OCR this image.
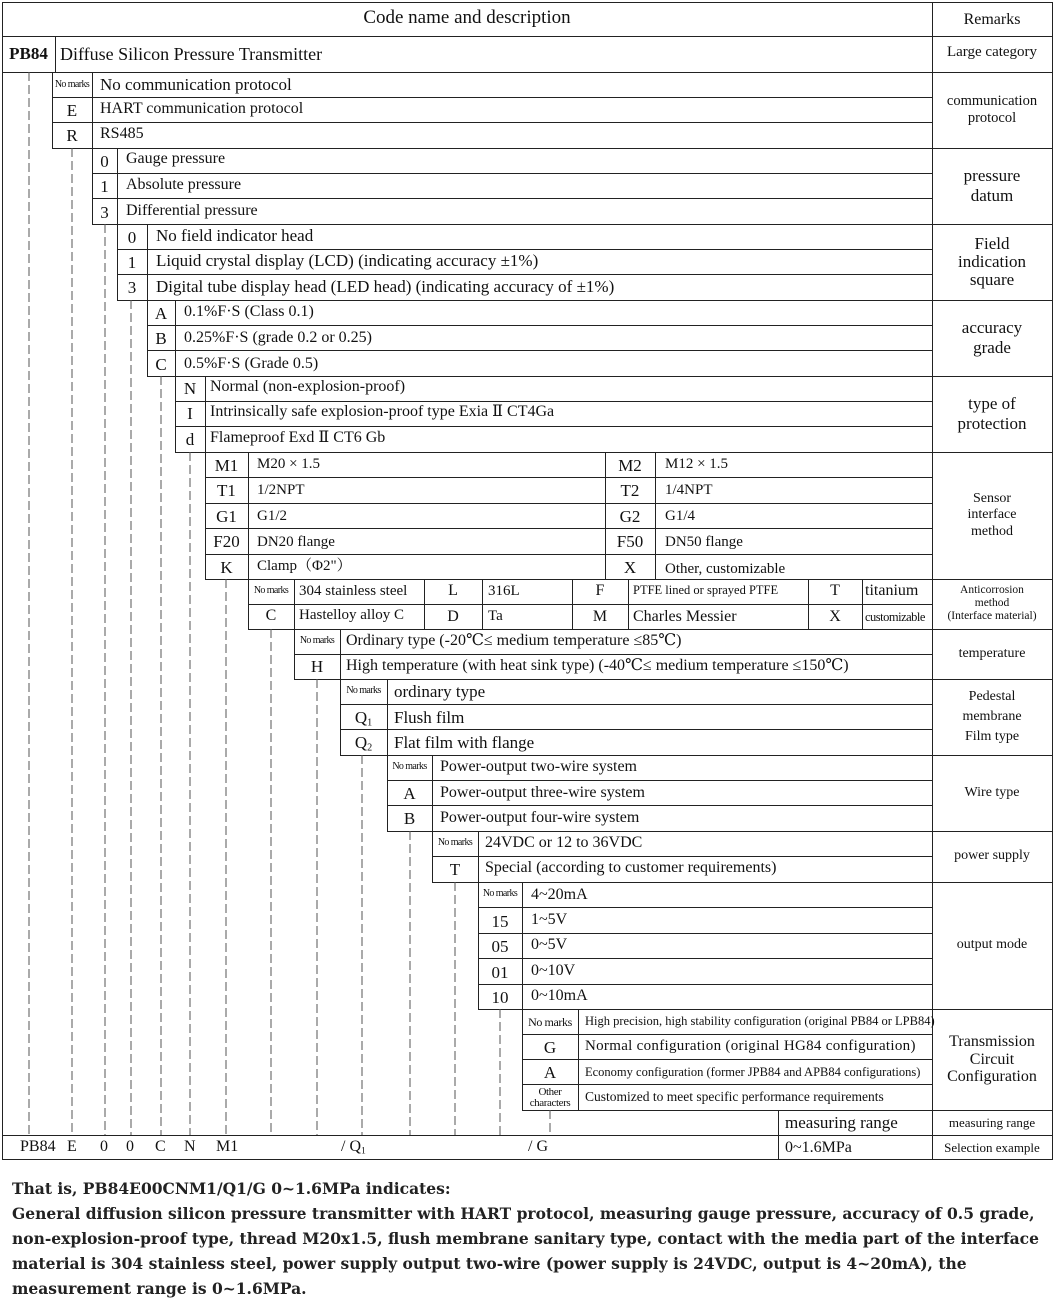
Code name and description	Remarks
PB84 Diffuse Silicon Pressure Transmitter	Large category
No marks No communication protocol
E	HART communication protocol
R	RS485
communication protocol
0	Gauge pressure
1	Absolute pressure
3	Differential pressure
pressure datum
0	No field indicator head
1	Liquid crystal display (LCD) (indicating accuracy ±1%)
3	Digital tube display head (LED head) (indicating accuracy of ±1%)
Field indication square
A	0.1%F·S (Class 0.1)
B	0.25%F·S (grade 0.2 or 0.25)
C	0.5%F·S (Grade 0.5)
accuracy grade
N Normal (non-explosion-proof)
I	Intrinsically safe explosion-proof type Exia Ⅱ CT4Ga
d Flameproof Exd Ⅱ CT6 Gb
type of protection
M1	M20 × 1.5	M2	M12 × 1.5
T1	1/2NPT	T2	1/4NPT
G1	G1/2	G2	G1/4
F20	DN20 flange	F50	DN50 flange
K	Clamp（Φ2"）	X	Other, customizable
Sensor interface method
No marks 304 stainless steel	L	316L	F	PTFE lined or sprayed PTFE	T	titanium
C	Hastelloy alloy C	D	Ta	M	Charles Messier	X	customizable
Anticorrosion
method
(Interface material)
No marks Ordinary type (-20℃≤ medium temperature ≤85℃)
H	High temperature (with heat sink type) (-40℃≤ medium temperature ≤150℃)
temperature
No marks ordinary type
$Q_1$	Flush film
$Q_2$	Flat film with flange
Pedestal membrane Film type
No marks Power-output two-wire system
A	Power-output three-wire system
B	Power-output four-wire system
Wire type
No marks 24VDC or 12 to 36VDC
T	Special (according to customer requirements)
power supply
No marks 4~20mA
15	1~5V
05	0~5V
01	0~10V
10	0~10mA
output mode
No marks	High precision, high stability configuration (original PB84 or LPB84)
G	Normal configuration (original HG84 configuration)
A	Economy configuration (former JPB84 and APB84 configurations)
Other
characters	Customized to meet specific performance requirements
Transmission Circuit Configuration
measuring range	measuring range
PB84 E 0 0 C N M1	/ $Q_1$	/ G	0~1.6MPa	Selection example
That is, PB84E00CNM1/Q1/G 0~1.6MPa indicates:
General diffusion silicon pressure transmitter with HART protocol, measuring gauge pressure, accuracy of 0.5 grade, non-explosion-proof type, thread M20x1.5, flush membrane sanitary type, contact with the media part of the interface material is 304 stainless steel, power supply output two-wire (power supply is 24VDC, output is 4~20mA), the measurement range is 0~1.6MPa.
